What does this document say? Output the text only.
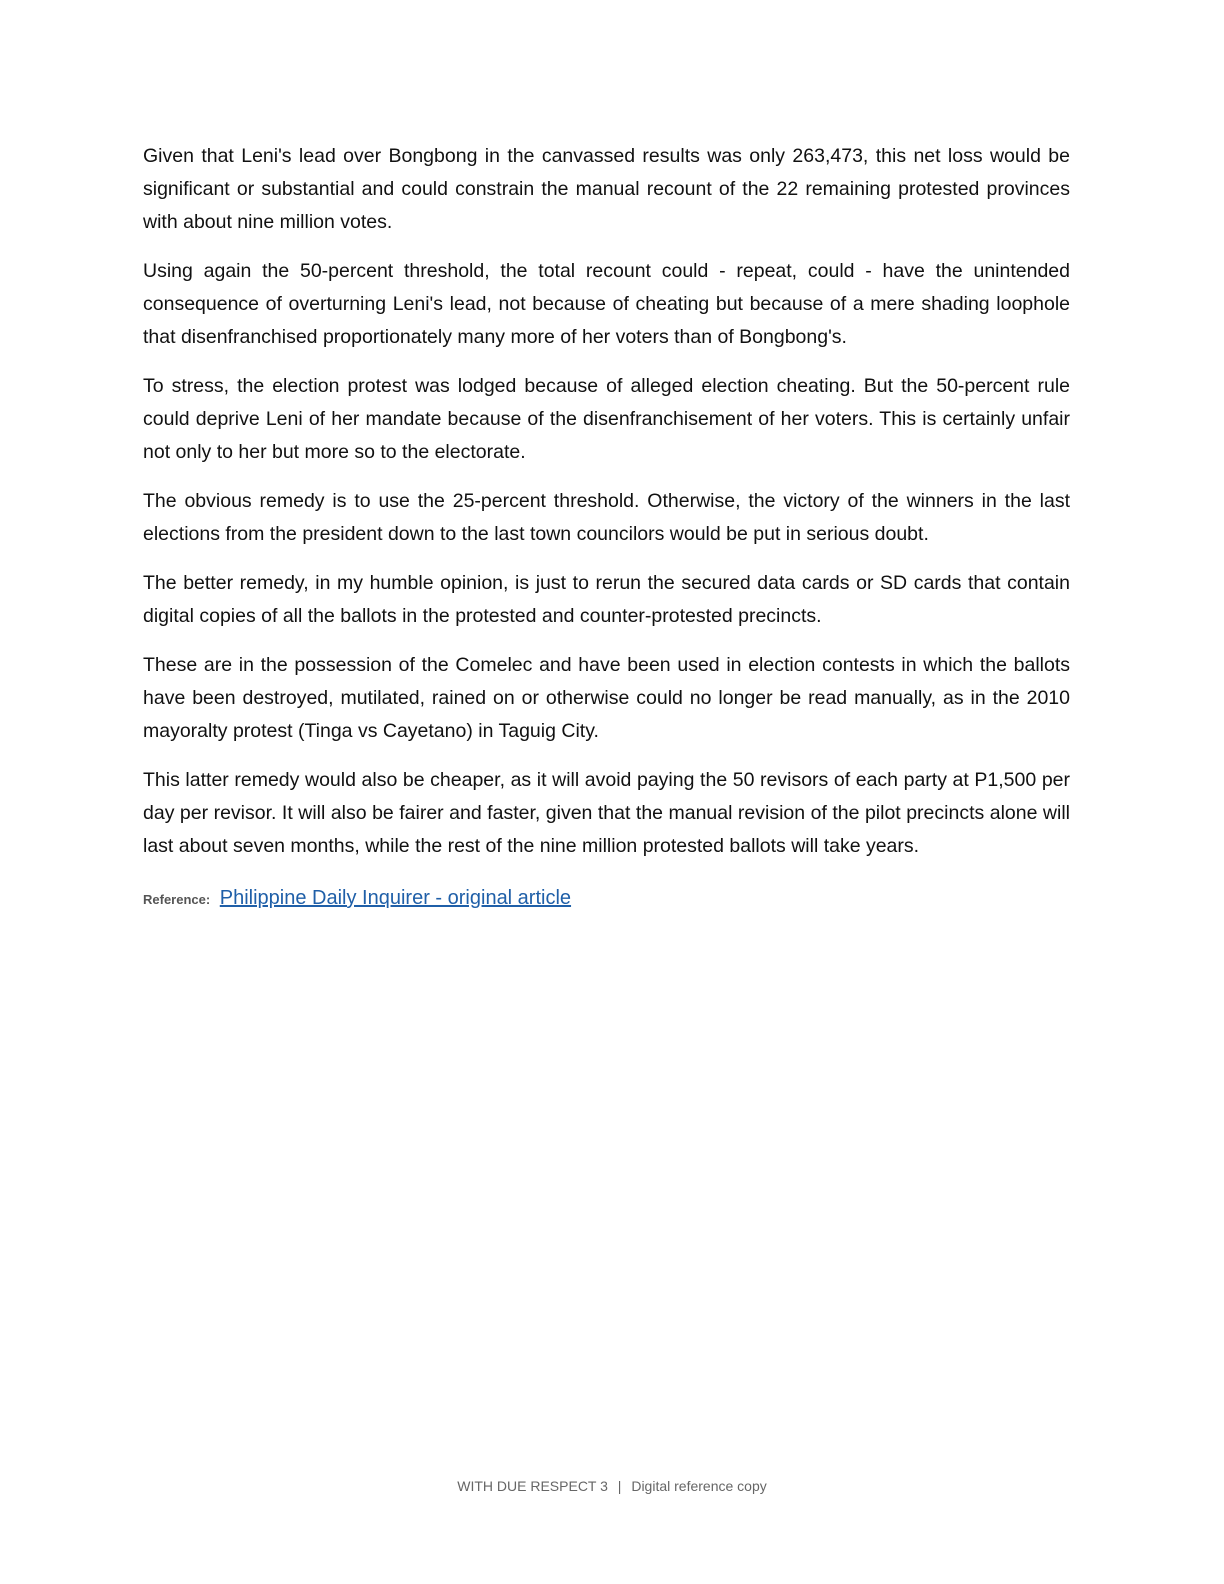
Given that Leni's lead over Bongbong in the canvassed results was only 263,473, this net loss would be significant or substantial and could constrain the manual recount of the 22 remaining protested provinces with about nine million votes.

Using again the 50-percent threshold, the total recount could - repeat, could - have the unintended consequence of overturning Leni's lead, not because of cheating but because of a mere shading loophole that disenfranchised proportionately many more of her voters than of Bongbong's.

To stress, the election protest was lodged because of alleged election cheating. But the 50-percent rule could deprive Leni of her mandate because of the disenfranchisement of her voters. This is certainly unfair not only to her but more so to the electorate.

The obvious remedy is to use the 25-percent threshold. Otherwise, the victory of the winners in the last elections from the president down to the last town councilors would be put in serious doubt.

The better remedy, in my humble opinion, is just to rerun the secured data cards or SD cards that contain digital copies of all the ballots in the protested and counter-protested precincts.

These are in the possession of the Comelec and have been used in election contests in which the ballots have been destroyed, mutilated, rained on or otherwise could no longer be read manually, as in the 2010 mayoralty protest (Tinga vs Cayetano) in Taguig City.

This latter remedy would also be cheaper, as it will avoid paying the 50 revisors of each party at P1,500 per day per revisor. It will also be fairer and faster, given that the manual revision of the pilot precincts alone will last about seven months, while the rest of the nine million protested ballots will take years.

Reference: Philippine Daily Inquirer - original article
WITH DUE RESPECT 3 | Digital reference copy
